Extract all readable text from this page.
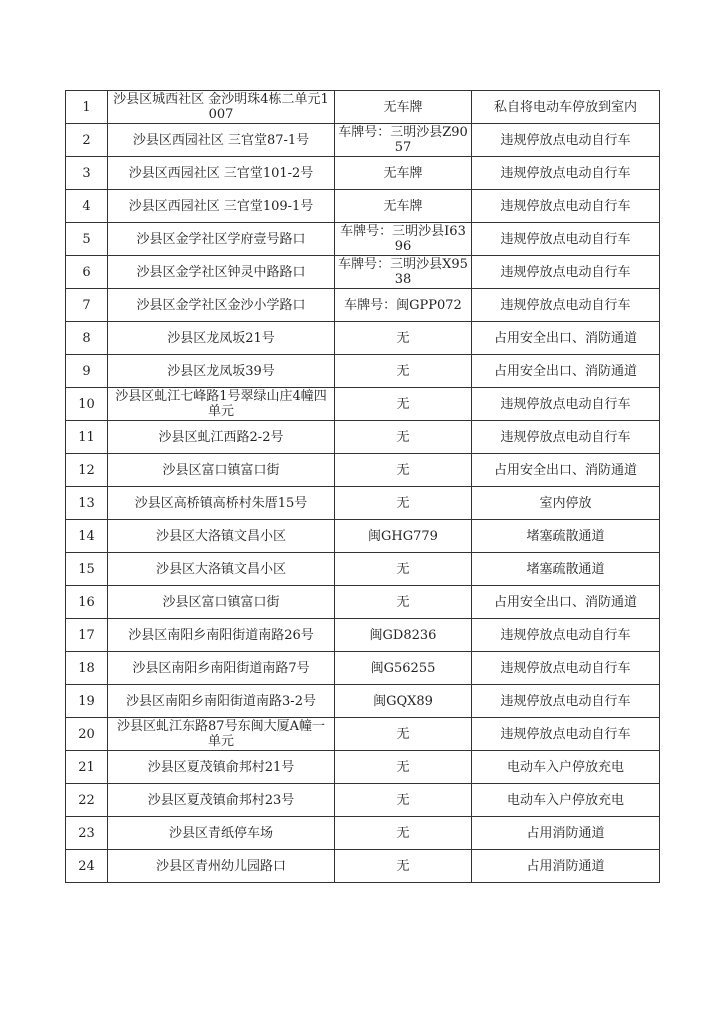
1	沙县区城西社区 金沙明珠4栋二单元1007	无车牌	私自将电动车停放到室内
2	沙县区西园社区 三官堂87-1号	车牌号：三明沙县Z9057	违规停放点电动自行车
3	沙县区西园社区 三官堂101-2号	无车牌	违规停放点电动自行车
4	沙县区西园社区 三官堂109-1号	无车牌	违规停放点电动自行车
5	沙县区金学社区学府壹号路口	车牌号：三明沙县I6396	违规停放点电动自行车
6	沙县区金学社区钟灵中路路口	车牌号：三明沙县X9538	违规停放点电动自行车
7	沙县区金学社区金沙小学路口	车牌号：闽GPP072	违规停放点电动自行车
8	沙县区龙凤坂21号	无	占用安全出口、消防通道
9	沙县区龙凤坂39号	无	占用安全出口、消防通道
10	沙县区虬江七峰路1号翠绿山庄4幢四单元	无	违规停放点电动自行车
11	沙县区虬江西路2-2号	无	违规停放点电动自行车
12	沙县区富口镇富口街	无	占用安全出口、消防通道
13	沙县区高桥镇高桥村朱厝15号	无	室内停放
14	沙县区大洛镇文昌小区	闽GHG779	堵塞疏散通道
15	沙县区大洛镇文昌小区	无	堵塞疏散通道
16	沙县区富口镇富口街	无	占用安全出口、消防通道
17	沙县区南阳乡南阳街道南路26号	闽GD8236	违规停放点电动自行车
18	沙县区南阳乡南阳街道南路7号	闽G56255	违规停放点电动自行车
19	沙县区南阳乡南阳街道南路3-2号	闽GQX89	违规停放点电动自行车
20	沙县区虬江东路87号东闽大厦A幢一单元	无	违规停放点电动自行车
21	沙县区夏茂镇俞邦村21号	无	电动车入户停放充电
22	沙县区夏茂镇俞邦村23号	无	电动车入户停放充电
23	沙县区青纸停车场	无	占用消防通道
24	沙县区青州幼儿园路口	无	占用消防通道
